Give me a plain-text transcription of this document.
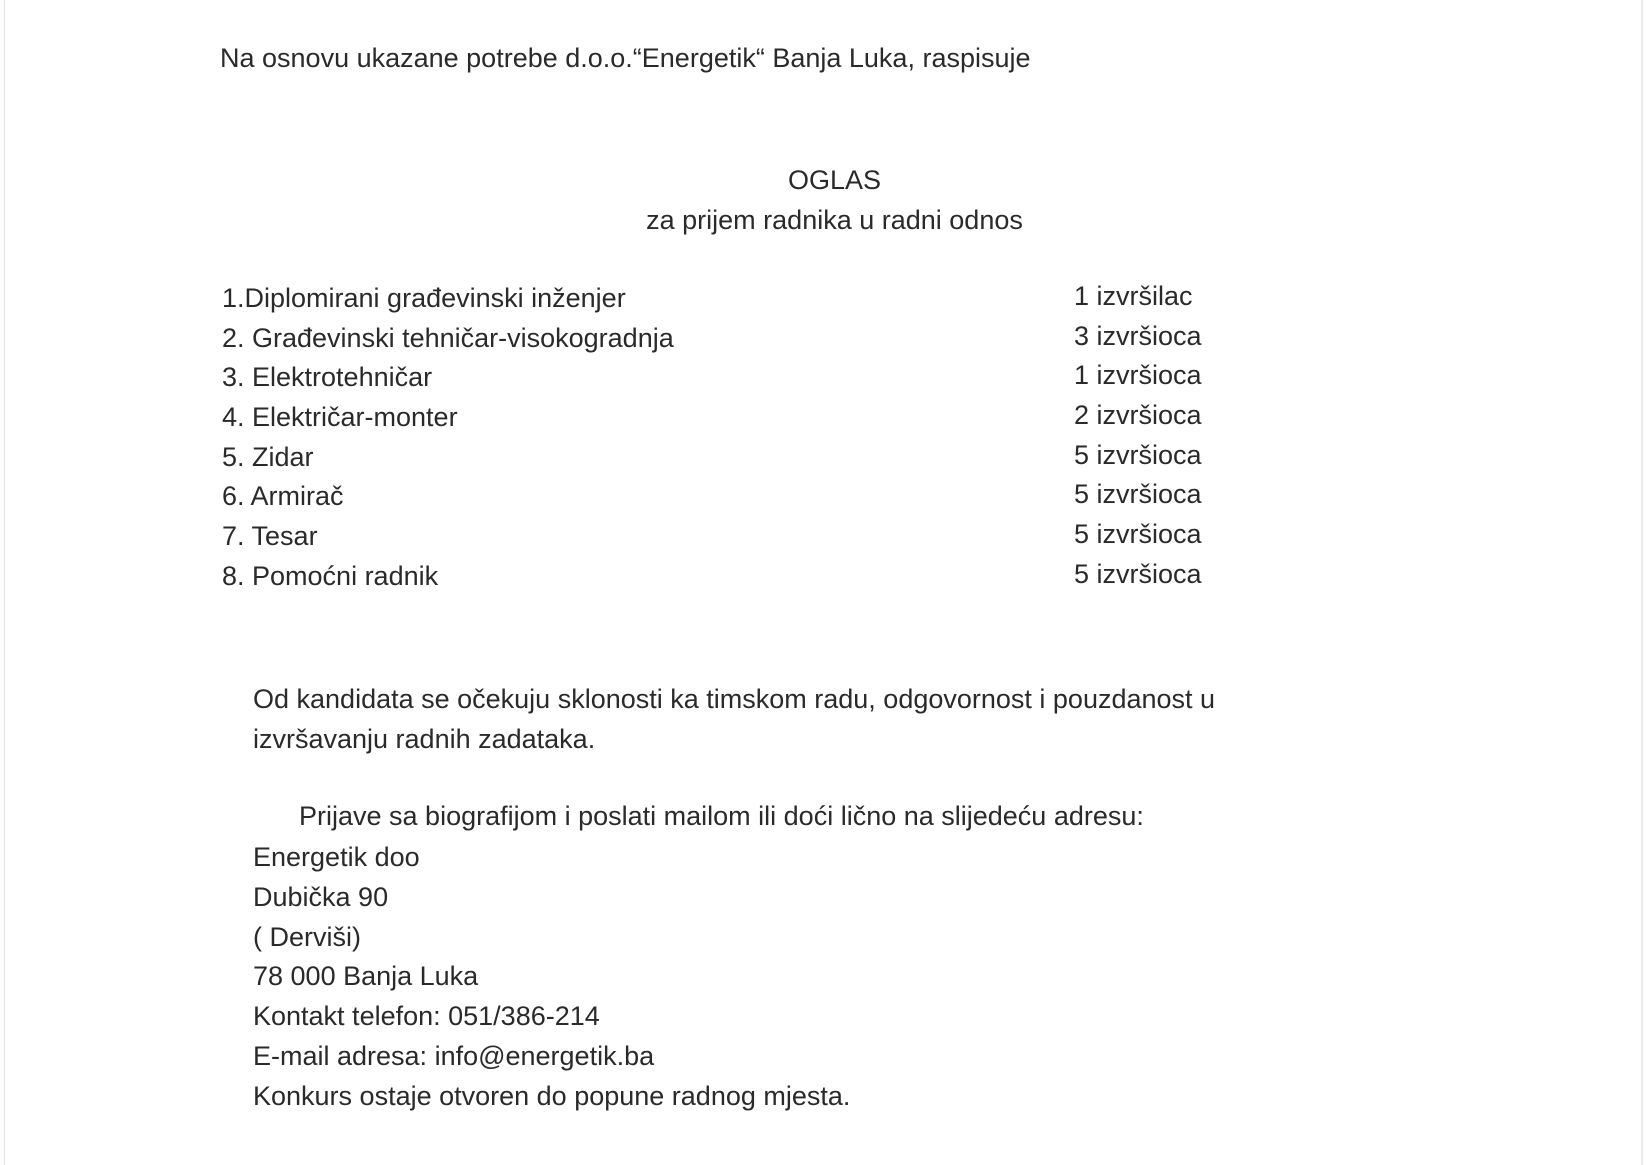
Na osnovu ukazane potrebe d.o.o.“Energetik“ Banja Luka, raspisuje
OGLAS
za prijem radnika u radni odnos
1.Diplomirani građevinski inženjer	1 izvršilac
2. Građevinski tehničar-visokogradnja	3 izvršioca
3. Elektrotehničar	1 izvršioca
4. Električar-monter	2 izvršioca
5. Zidar	5 izvršioca
6. Armirač	5 izvršioca
7. Tesar	5 izvršioca
8. Pomoćni radnik	5 izvršioca
Od kandidata se očekuju sklonosti ka timskom radu, odgovornost i pouzdanost u
izvršavanju radnih zadataka.
Prijave sa biografijom i poslati mailom ili doći lično na slijedeću adresu:
Energetik doo
Dubička 90
( Derviši)
78 000 Banja Luka
Kontakt telefon: 051/386-214
E-mail adresa: info@energetik.ba
Konkurs ostaje otvoren do popune radnog mjesta.
